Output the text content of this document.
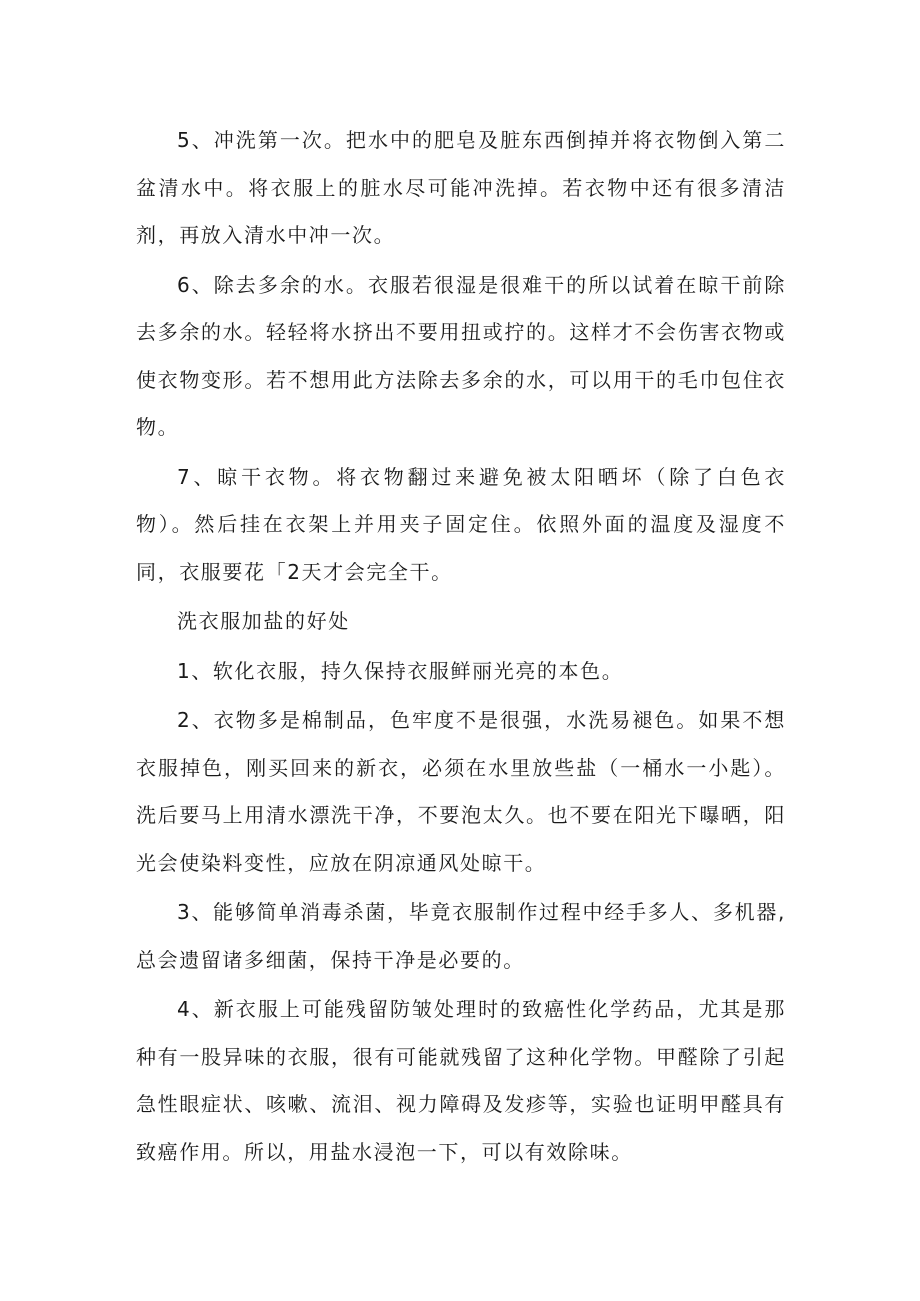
5、冲洗第一次。把水中的肥皂及脏东西倒掉并将衣物倒入第二盆清水中。将衣服上的脏水尽可能冲洗掉。若衣物中还有很多清洁剂，再放入清水中冲一次。

6、除去多余的水。衣服若很湿是很难干的所以试着在晾干前除去多余的水。轻轻将水挤出不要用扭或拧的。这样才不会伤害衣物或使衣物变形。若不想用此方法除去多余的水，可以用干的毛巾包住衣物。

7、晾干衣物。将衣物翻过来避免被太阳晒坏（除了白色衣物）。然后挂在衣架上并用夹子固定住。依照外面的温度及湿度不同，衣服要花「2天才会完全干。

洗衣服加盐的好处

1、软化衣服，持久保持衣服鲜丽光亮的本色。

2、衣物多是棉制品，色牢度不是很强，水洗易褪色。如果不想衣服掉色，刚买回来的新衣，必须在水里放些盐（一桶水一小匙）。洗后要马上用清水漂洗干净，不要泡太久。也不要在阳光下曝晒，阳光会使染料变性，应放在阴凉通风处晾干。

3、能够简单消毒杀菌，毕竟衣服制作过程中经手多人、多机器,总会遗留诸多细菌，保持干净是必要的。

4、新衣服上可能残留防皱处理时的致癌性化学药品，尤其是那种有一股异味的衣服，很有可能就残留了这种化学物。甲醛除了引起急性眼症状、咳嗽、流泪、视力障碍及发疹等，实验也证明甲醛具有致癌作用。所以，用盐水浸泡一下，可以有效除味。
